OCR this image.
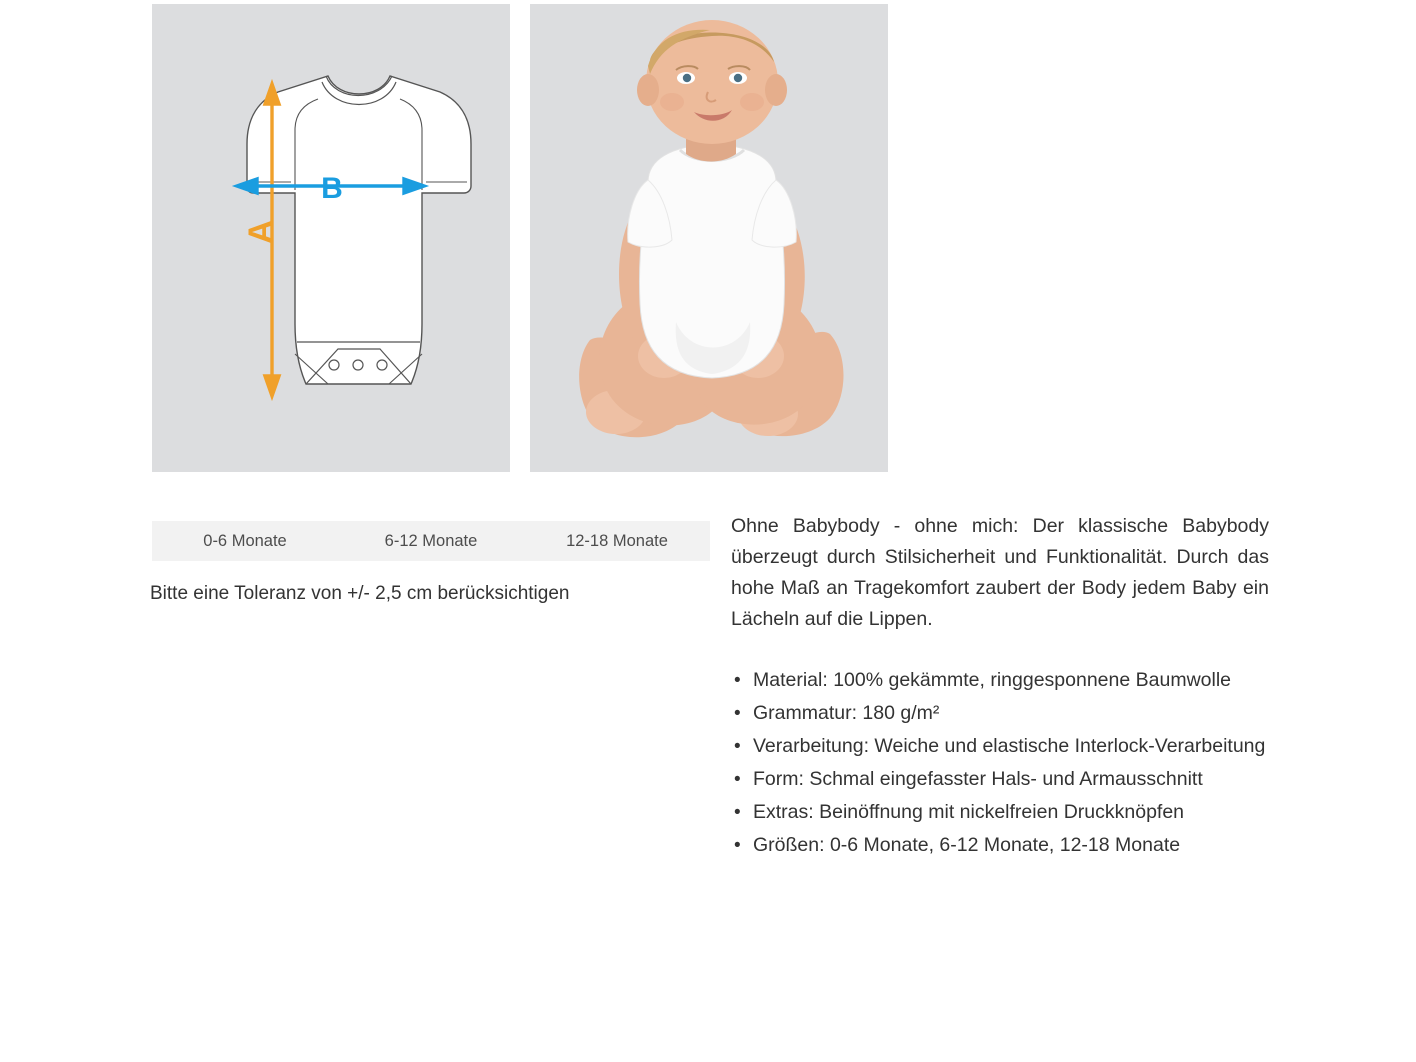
A
B
0-6 Monate	6-12 Monate	12-18 Monate
Bitte eine Toleranz von +/- 2,5 cm berücksichtigen

Ohne Babybody - ohne mich: Der klassische Babybody überzeugt durch Stilsicherheit und Funktionalität. Durch das hohe Maß an Tragekomfort zaubert der Body jedem Baby ein Lächeln auf die Lippen.

• Material: 100% gekämmte, ringgesponnene Baumwolle
• Grammatur: 180 g/m²
• Verarbeitung: Weiche und elastische Interlock-Verarbeitung
• Form: Schmal eingefasster Hals- und Armausschnitt
• Extras: Beinöffnung mit nickelfreien Druckknöpfen
• Größen: 0-6 Monate, 6-12 Monate, 12-18 Monate
